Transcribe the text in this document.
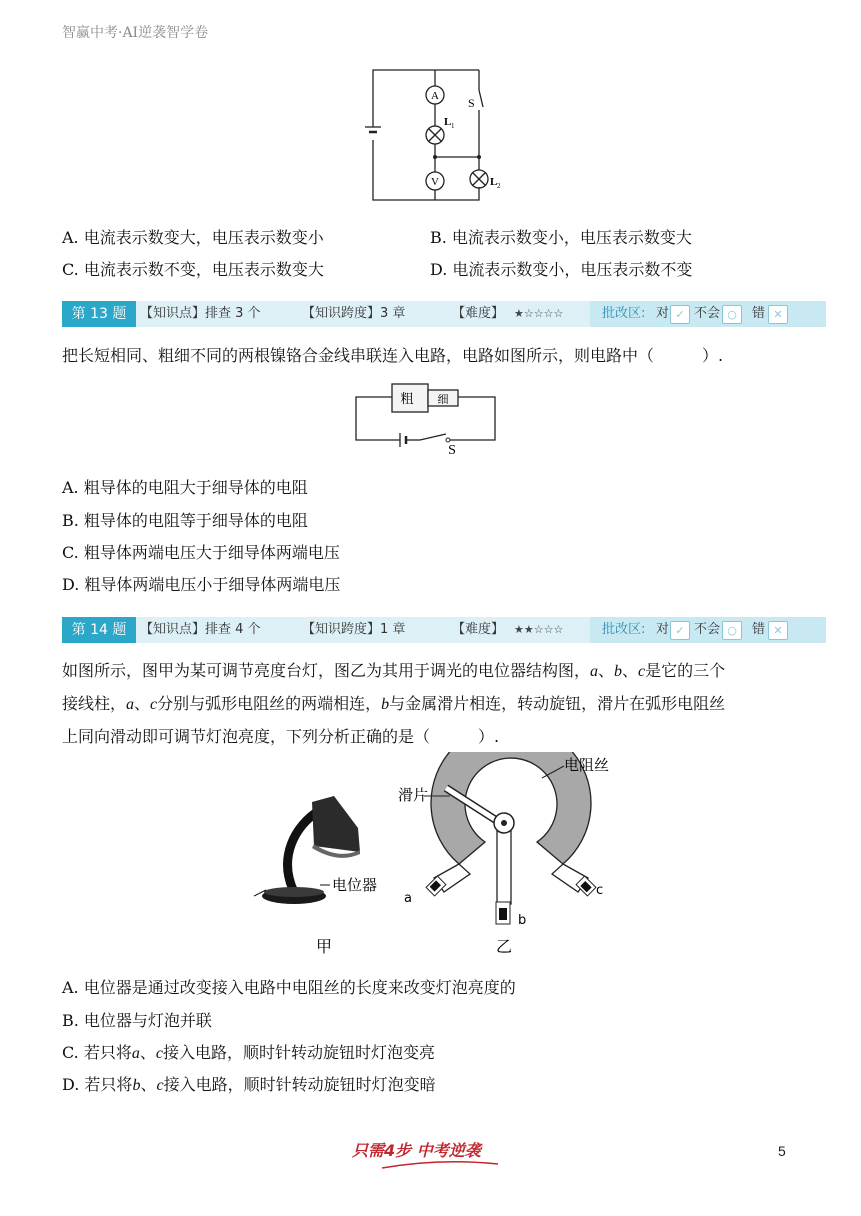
智赢中考·AI逆袭智学卷
A
V
S
L 1
L 2
A. 电流表示数变大，电压表示数变小	B. 电流表示数变小，电压表示数变大
C. 电流表示数不变，电压表示数变大	D. 电流表示数变小，电压表示数不变
第 13 题	【知识点】排查 3 个	【知识跨度】3 章	【难度】 ★☆☆☆☆	批改区: 对 ✓ 不会 ○	错 ✕
把长短相同、粗细不同的两根镍铬合金线串联连入电路，电路如图所示，则电路中（　　　）.
粗 细
S
A. 粗导体的电阻大于细导体的电阻
B. 粗导体的电阻等于细导体的电阻
C. 粗导体两端电压大于细导体两端电压
D. 粗导体两端电压小于细导体两端电压
第 14 题	【知识点】排查 4 个	【知识跨度】1 章	【难度】 ★★☆☆☆	批改区: 对 ✓ 不会 ○	错 ✕
如图所示，图甲为某可调节亮度台灯，图乙为其用于调光的电位器结构图，a、b、c是它的三个
接线柱，a、c分别与弧形电阻丝的两端相连，b与金属滑片相连，转动旋钮，滑片在弧形电阻丝
上同向滑动即可调节灯泡亮度，下列分析正确的是（　　　）.
电位器
甲
滑片
电阻丝
a
b
c
乙
A. 电位器是通过改变接入电路中电阻丝的长度来改变灯泡亮度的
B. 电位器与灯泡并联
C. 若只将a、c接入电路，顺时针转动旋钮时灯泡变亮
D. 若只将b、c接入电路，顺时针转动旋钮时灯泡变暗
只需4步 中考逆袭	5
